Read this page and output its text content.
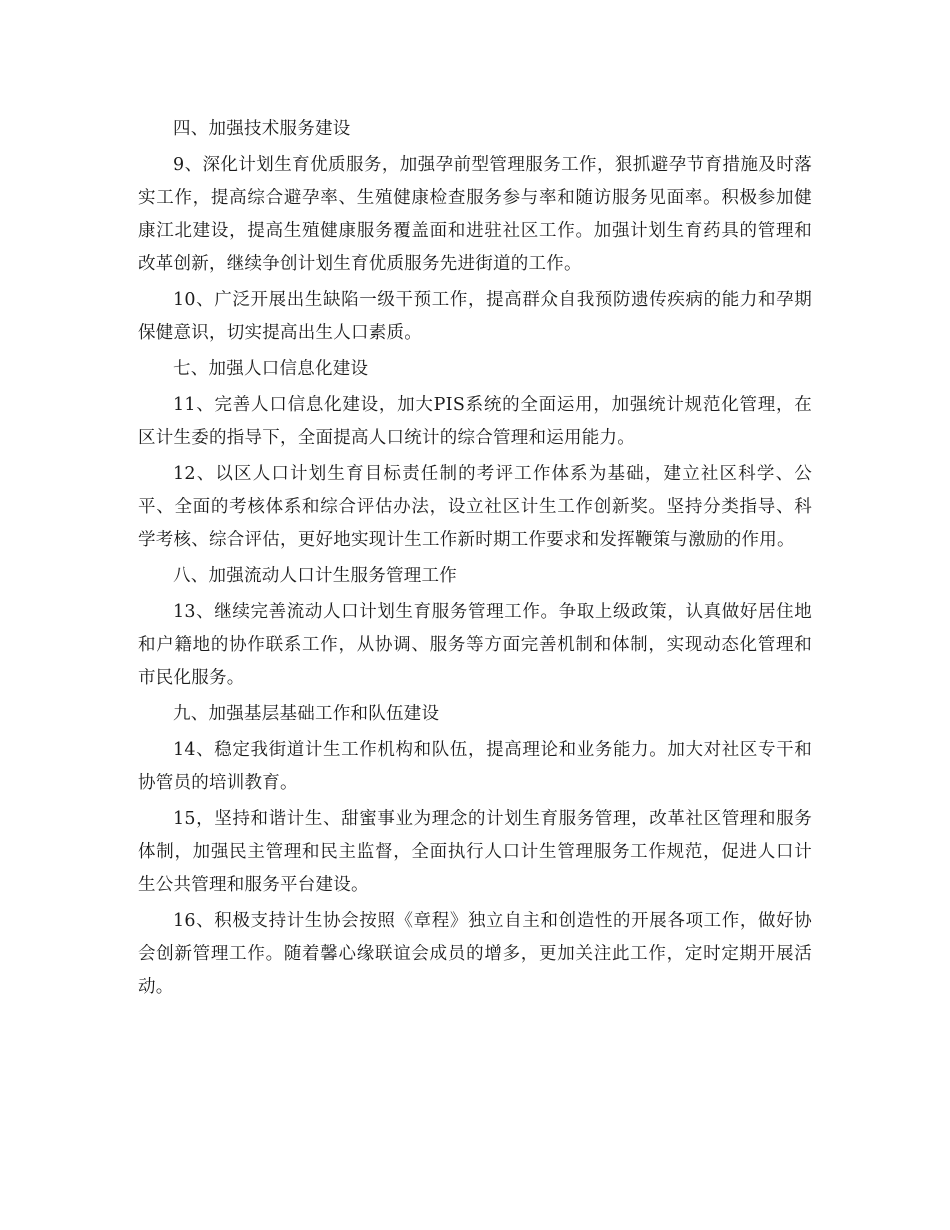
四、加强技术服务建设

9、深化计划生育优质服务，加强孕前型管理服务工作，狠抓避孕节育措施及时落实工作，提高综合避孕率、生殖健康检查服务参与率和随访服务见面率。积极参加健康江北建设，提高生殖健康服务覆盖面和进驻社区工作。加强计划生育药具的管理和改革创新，继续争创计划生育优质服务先进街道的工作。

10、广泛开展出生缺陷一级干预工作，提高群众自我预防遗传疾病的能力和孕期保健意识，切实提高出生人口素质。

七、加强人口信息化建设

11、完善人口信息化建设，加大PIS系统的全面运用，加强统计规范化管理，在区计生委的指导下，全面提高人口统计的综合管理和运用能力。

12、以区人口计划生育目标责任制的考评工作体系为基础，建立社区科学、公平、全面的考核体系和综合评估办法，设立社区计生工作创新奖。坚持分类指导、科学考核、综合评估，更好地实现计生工作新时期工作要求和发挥鞭策与激励的作用。

八、加强流动人口计生服务管理工作

13、继续完善流动人口计划生育服务管理工作。争取上级政策，认真做好居住地和户籍地的协作联系工作，从协调、服务等方面完善机制和体制，实现动态化管理和市民化服务。

九、加强基层基础工作和队伍建设

14、稳定我街道计生工作机构和队伍，提高理论和业务能力。加大对社区专干和协管员的培训教育。

15，坚持和谐计生、甜蜜事业为理念的计划生育服务管理，改革社区管理和服务体制，加强民主管理和民主监督，全面执行人口计生管理服务工作规范，促进人口计生公共管理和服务平台建设。

16、积极支持计生协会按照《章程》独立自主和创造性的开展各项工作，做好协会创新管理工作。随着馨心缘联谊会成员的增多，更加关注此工作，定时定期开展活动。
